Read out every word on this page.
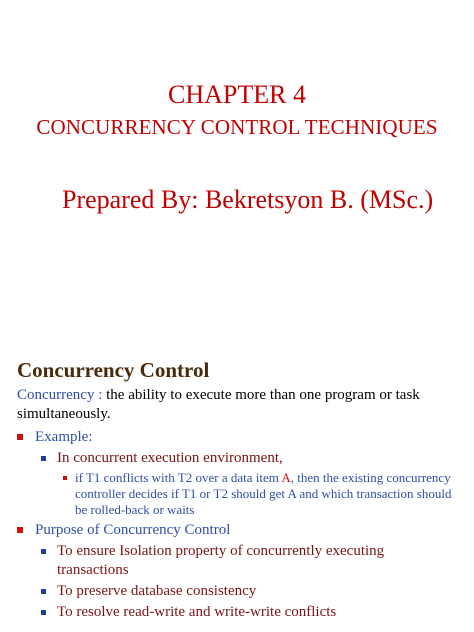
CHAPTER 4
CONCURRENCY CONTROL TECHNIQUES
Prepared By: Bekretsyon B. (MSc.)
Concurrency Control

Concurrency : the ability to execute more than one program or task simultaneously.

Example:

In concurrent execution environment,

if T1 conflicts with T2 over a data item A, then the existing concurrency controller decides if T1 or T2 should get A and which transaction should be rolled-back or waits

Purpose of Concurrency Control

To ensure Isolation property of concurrently executing transactions

To preserve database consistency

To resolve read-write and write-write conflicts
